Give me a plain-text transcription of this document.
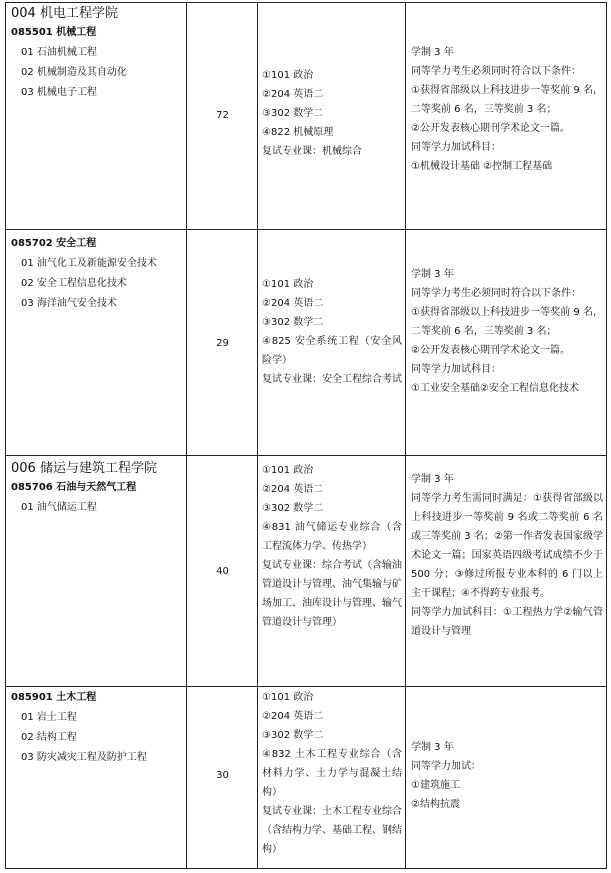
004 机电工程学院
085501 机械工程
01 石油机械工程
02 机械制造及其自动化
03 机械电子工程
72
①101 政治
②204 英语二
③302 数学二
④822 机械原理
复试专业课：机械综合
学制 3 年
同等学力考生必须同时符合以下条件：
①获得省部级以上科技进步一等奖前 9 名，二等奖前 6 名，三等奖前 3 名；
②公开发表核心期刊学术论文一篇。
同等学力加试科目：
①机械设计基础 ②控制工程基础
085702 安全工程
01 油气化工及新能源安全技术
02 安全工程信息化技术
03 海洋油气安全技术
29
①101 政治
②204 英语二
③302 数学二
④825 安全系统工程（安全风险学）
复试专业课：安全工程综合考试
学制 3 年
同等学力考生必须同时符合以下条件：
①获得省部级以上科技进步一等奖前 9 名，二等奖前 6 名，三等奖前 3 名；
②公开发表核心期刊学术论文一篇。
同等学力加试科目：
①工业安全基础②安全工程信息化技术
006 储运与建筑工程学院
085706 石油与天然气工程
01 油气储运工程
40
①101 政治
②204 英语二
③302 数学二
④831 油气储运专业综合（含工程流体力学、传热学）
复试专业课：综合考试（含输油管道设计与管理、油气集输与矿场加工、油库设计与管理、输气管道设计与管理）
学制 3 年
同等学力考生需同时满足：①获得省部级以上科技进步一等奖前 9 名或二等奖前 6 名或三等奖前 3 名；②第一作者发表国家级学术论文一篇；国家英语四级考试成绩不少于 500 分；③修过所报专业本科的 6 门以上主干课程；④不得跨专业报考。
同等学力加试科目：①工程热力学②输气管道设计与管理
085901 土木工程
01 岩土工程
02 结构工程
03 防灾减灾工程及防护工程
30
①101 政治
②204 英语二
③302 数学二
④832 土木工程专业综合（含材料力学、土力学与混凝土结构）
复试专业课：土木工程专业综合（含结构力学、基础工程、钢结构）
学制 3 年
同等学力加试：
①建筑施工
②结构抗震
